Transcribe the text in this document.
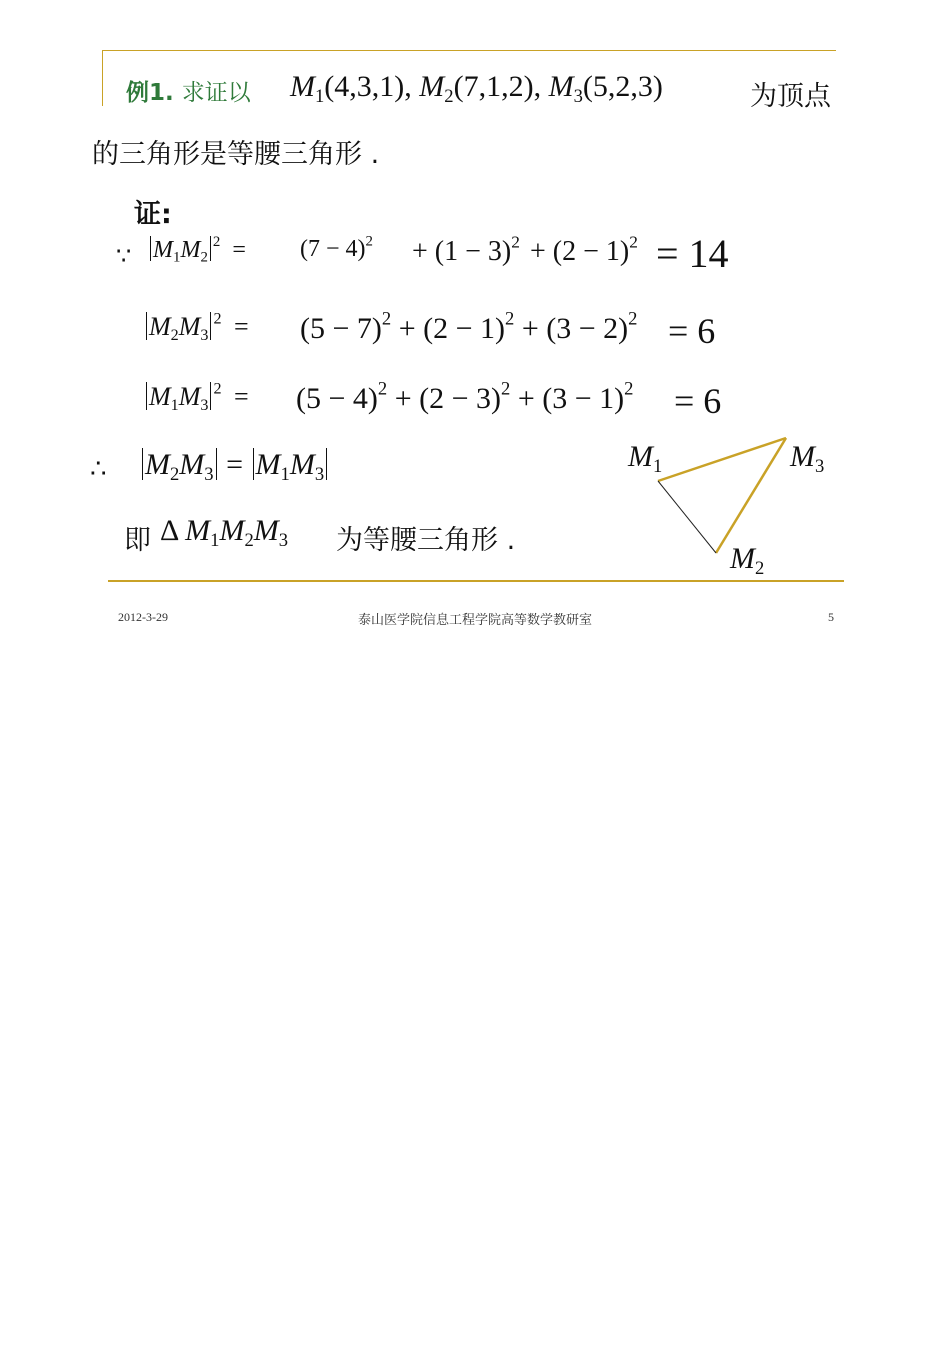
例1. 求证以 $M_1(4,3,1)$, $M_2(7,1,2)$, $M_3(5,2,3)$	为顶点
的三角形是等腰三角形 .
证:
∵ $M_1M_2^2 = (7 - 4)^2 + (1 - 3)^2 + (2 - 1)^2 = 14$
$M_2M_3^2 = (5 - 7)^2 + (2 - 1)^2 + (3 - 2)^2 = 6$
$M_1M_3^2 = (5 - 4)^2 + (2 - 3)^2 + (3 - 1)^2 = 6$
∴ $M_2M_3 = M_1M_3$
即 Δ $M_1M_2M_3$ 为等腰三角形 .
$M_1$	$M_3$
$M_2$
2012-3-29	泰山医学院信息工程学院高等数学教研室	5
